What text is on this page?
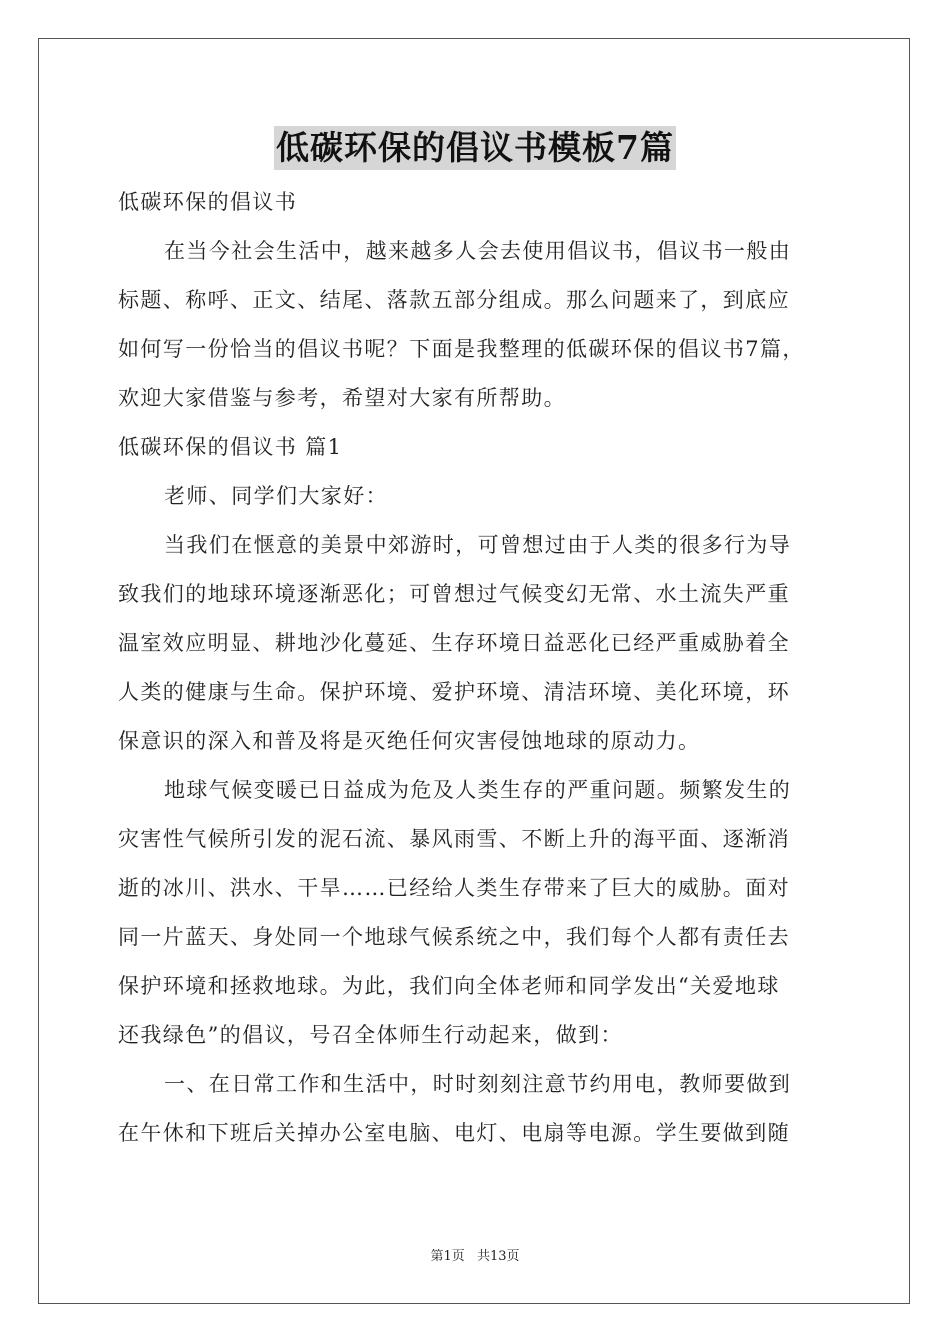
低碳环保的倡议书模板7篇
低碳环保的倡议书
在当今社会生活中，越来越多人会去使用倡议书，倡议书一般由
标题、称呼、正文、结尾、落款五部分组成。那么问题来了，到底应
如何写一份恰当的倡议书呢？下面是我整理的低碳环保的倡议书7篇，
欢迎大家借鉴与参考，希望对大家有所帮助。
低碳环保的倡议书 篇1
老师、同学们大家好：
当我们在惬意的美景中郊游时，可曾想过由于人类的很多行为导
致我们的地球环境逐渐恶化；可曾想过气候变幻无常、水土流失严重
温室效应明显、耕地沙化蔓延、生存环境日益恶化已经严重威胁着全
人类的健康与生命。保护环境、爱护环境、清洁环境、美化环境，环
保意识的深入和普及将是灭绝任何灾害侵蚀地球的原动力。
地球气候变暖已日益成为危及人类生存的严重问题。频繁发生的
灾害性气候所引发的泥石流、暴风雨雪、不断上升的海平面、逐渐消
逝的冰川、洪水、干旱……已经给人类生存带来了巨大的威胁。面对
同一片蓝天、身处同一个地球气候系统之中，我们每个人都有责任去
保护环境和拯救地球。为此，我们向全体老师和同学发出“关爱地球
还我绿色”的倡议，号召全体师生行动起来，做到：
一、在日常工作和生活中，时时刻刻注意节约用电，教师要做到
在午休和下班后关掉办公室电脑、电灯、电扇等电源。学生要做到随
第1页 共13页
